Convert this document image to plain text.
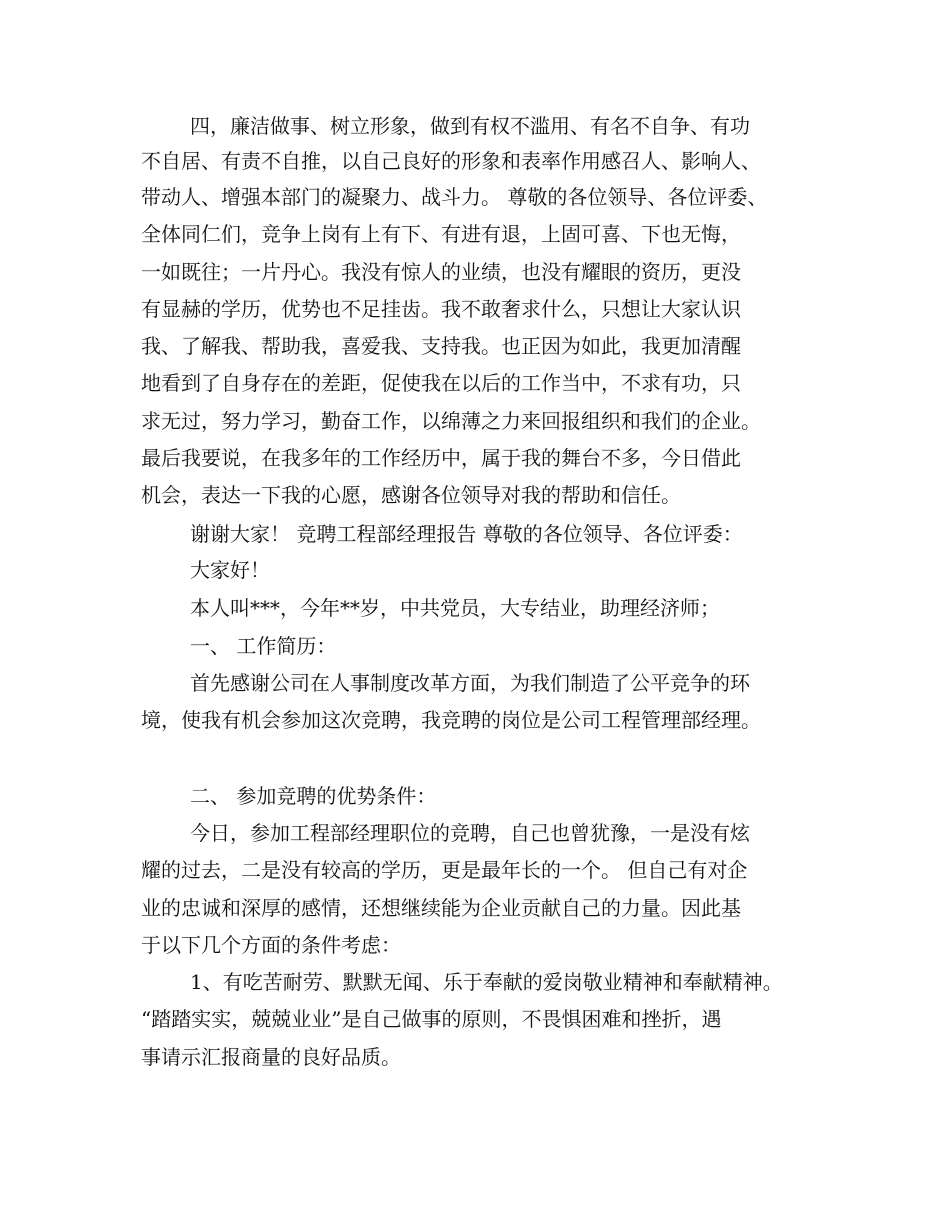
四，廉洁做事、树立形象，做到有权不滥用、有名不自争、有功
不自居、有责不自推，以自己良好的形象和表率作用感召人、影响人、
带动人、增强本部门的凝聚力、战斗力。 尊敬的各位领导、各位评委、
全体同仁们，竞争上岗有上有下、有进有退，上固可喜、下也无悔，
一如既往；一片丹心。我没有惊人的业绩，也没有耀眼的资历，更没
有显赫的学历，优势也不足挂齿。我不敢奢求什么，只想让大家认识
我、了解我、帮助我，喜爱我、支持我。也正因为如此，我更加清醒
地看到了自身存在的差距，促使我在以后的工作当中，不求有功，只
求无过，努力学习，勤奋工作，以绵薄之力来回报组织和我们的企业。
最后我要说，在我多年的工作经历中，属于我的舞台不多，今日借此
机会，表达一下我的心愿，感谢各位领导对我的帮助和信任。
谢谢大家！ 竞聘工程部经理报告 尊敬的各位领导、各位评委：
大家好！
本人叫***，今年**岁，中共党员，大专结业，助理经济师；
一、 工作简历：
首先感谢公司在人事制度改革方面，为我们制造了公平竞争的环
境，使我有机会参加这次竞聘，我竞聘的岗位是公司工程管理部经理。
二、 参加竞聘的优势条件：
今日，参加工程部经理职位的竞聘，自己也曾犹豫，一是没有炫
耀的过去，二是没有较高的学历，更是最年长的一个。 但自己有对企
业的忠诚和深厚的感情，还想继续能为企业贡献自己的力量。因此基
于以下几个方面的条件考虑：
1、有吃苦耐劳、默默无闻、乐于奉献的爱岗敬业精神和奉献精神。
“踏踏实实，兢兢业业”是自己做事的原则，不畏惧困难和挫折，遇
事请示汇报商量的良好品质。
